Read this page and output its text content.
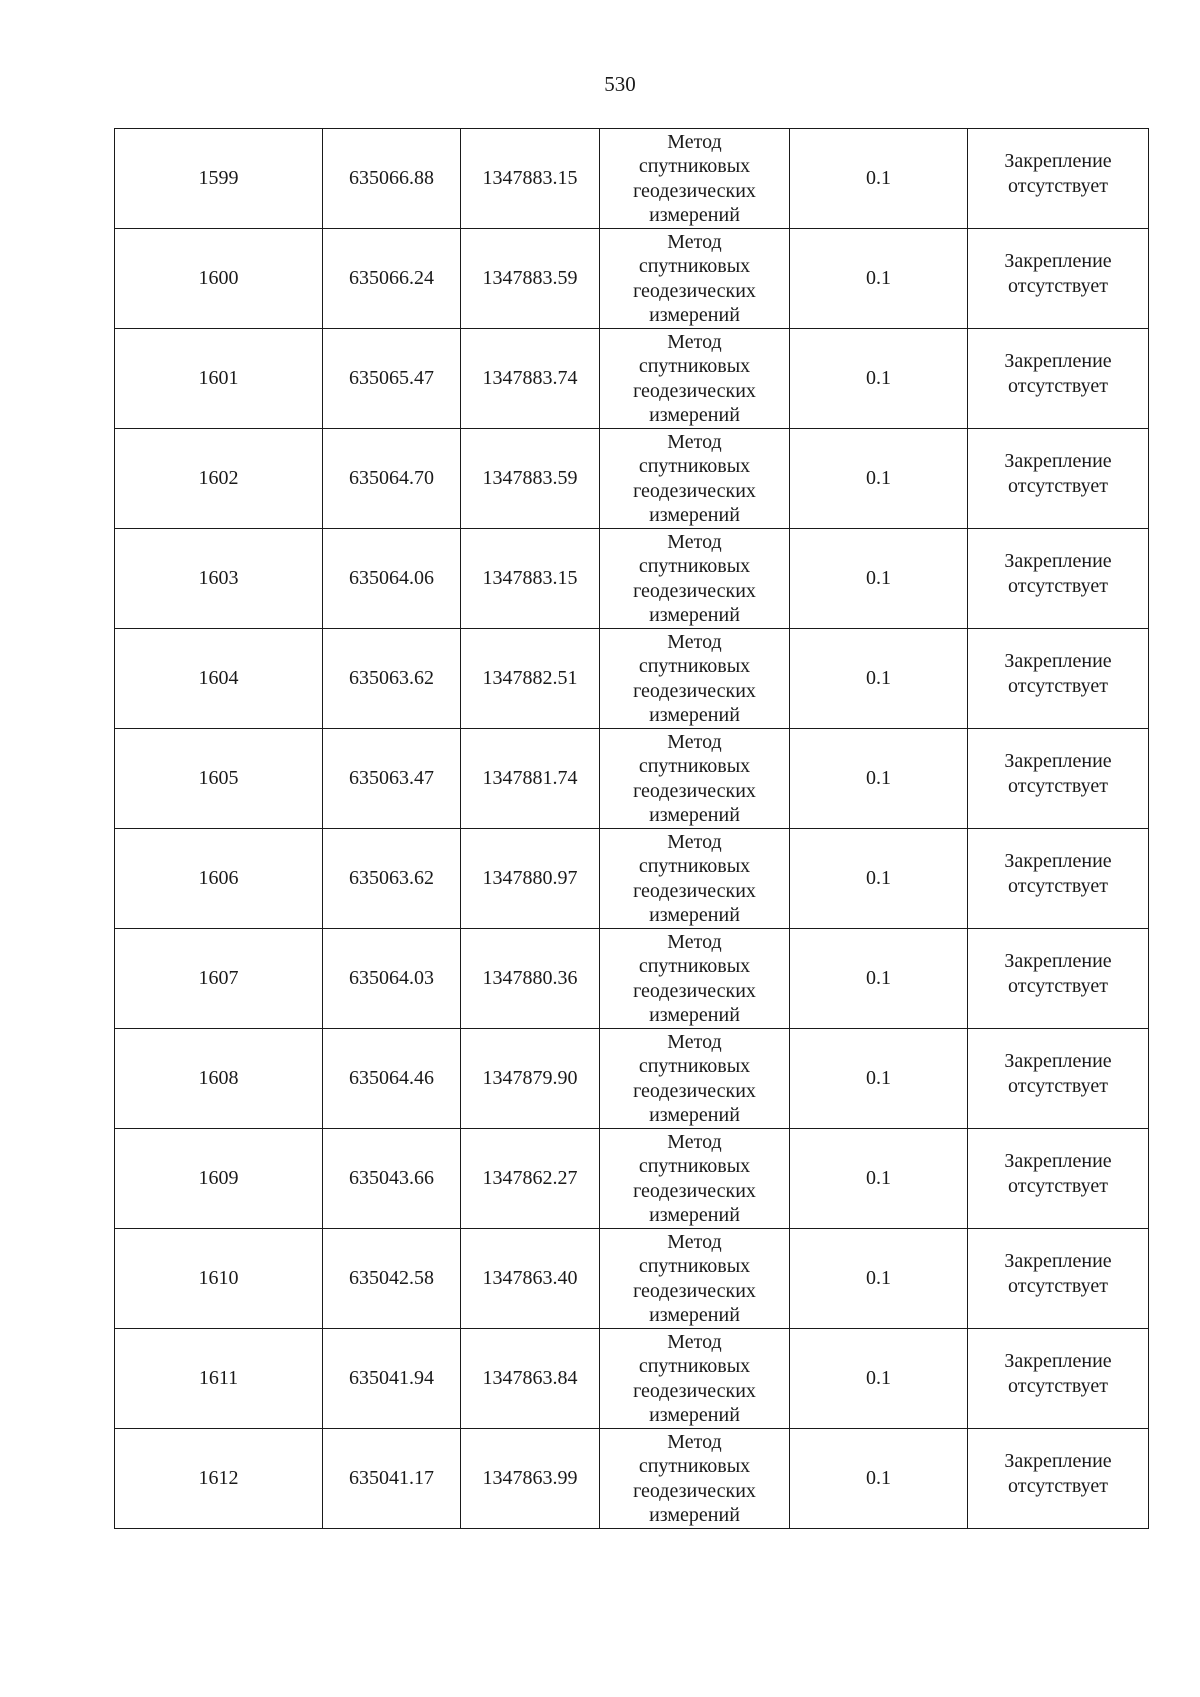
530
1599	635066.88	1347883.15	Метод
спутниковых
геодезических
измерений	0.1	Закрепление
отсутствует

1600	635066.24	1347883.59	Метод
спутниковых
геодезических
измерений	0.1	Закрепление
отсутствует

1601	635065.47	1347883.74	Метод
спутниковых
геодезических
измерений	0.1	Закрепление
отсутствует

1602	635064.70	1347883.59	Метод
спутниковых
геодезических
измерений	0.1	Закрепление
отсутствует

1603	635064.06	1347883.15	Метод
спутниковых
геодезических
измерений	0.1	Закрепление
отсутствует

1604	635063.62	1347882.51	Метод
спутниковых
геодезических
измерений	0.1	Закрепление
отсутствует

1605	635063.47	1347881.74	Метод
спутниковых
геодезических
измерений	0.1	Закрепление
отсутствует

1606	635063.62	1347880.97	Метод
спутниковых
геодезических
измерений	0.1	Закрепление
отсутствует

1607	635064.03	1347880.36	Метод
спутниковых
геодезических
измерений	0.1	Закрепление
отсутствует

1608	635064.46	1347879.90	Метод
спутниковых
геодезических
измерений	0.1	Закрепление
отсутствует

1609	635043.66	1347862.27	Метод
спутниковых
геодезических
измерений	0.1	Закрепление
отсутствует

1610	635042.58	1347863.40	Метод
спутниковых
геодезических
измерений	0.1	Закрепление
отсутствует

1611	635041.94	1347863.84	Метод
спутниковых
геодезических
измерений	0.1	Закрепление
отсутствует

1612	635041.17	1347863.99	Метод
спутниковых
геодезических
измерений	0.1	Закрепление
отсутствует
